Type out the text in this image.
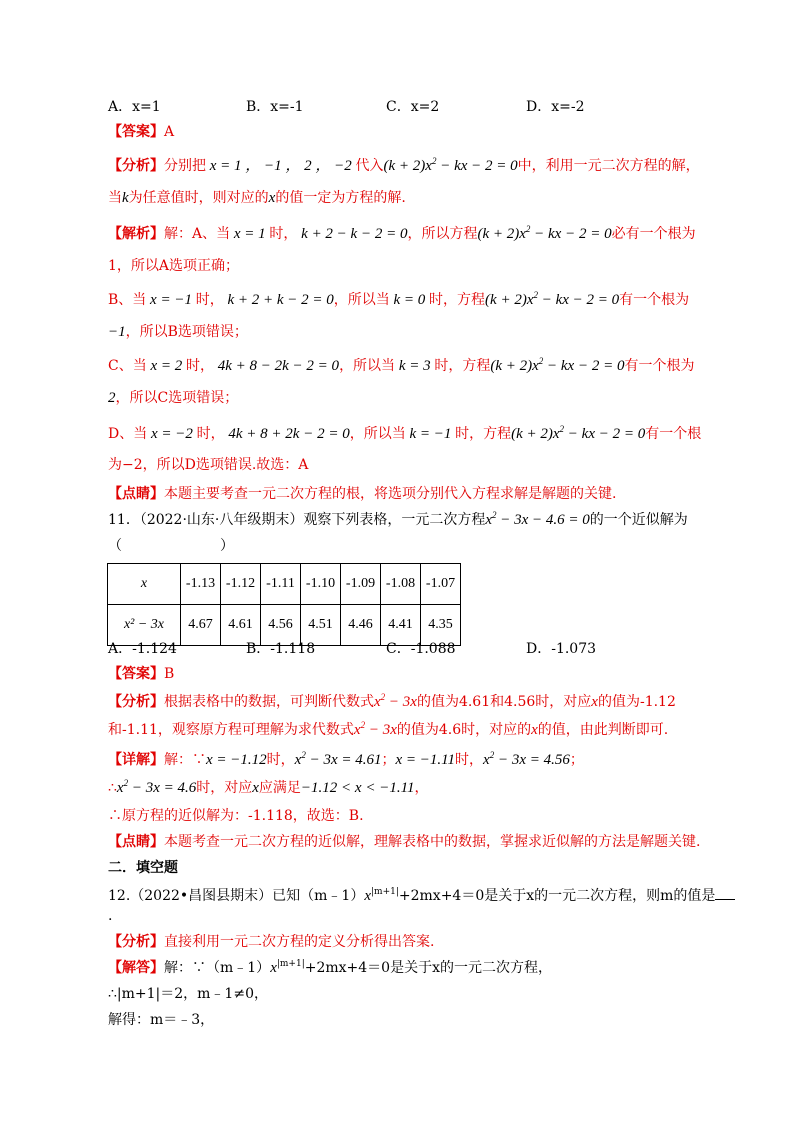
A．x=1	B．x=-1	C．x=2	D．x=-2
【答案】A
【分析】分别把 x = 1 ， −1 ， 2 ， −2 代入$(k + 2)x^2$ − kx − 2 = 0中，利用一元二次方程的解，
当k为任意值时，则对应的x的值一定为方程的解.
【解析】解：A、当 x = 1 时， k + 2 − k − 2 = 0，所以方程$(k + 2)x^2$ − kx − 2 = 0必有一个根为
1，所以A选项正确；
B、当 x = −1 时， k + 2 + k − 2 = 0，所以当 k = 0 时，方程$(k + 2)x^2$ − kx − 2 = 0有一个根为
−1，所以B选项错误；
C、当 x = 2 时， 4k + 8 − 2k − 2 = 0，所以当 k = 3 时，方程$(k + 2)x^2$ − kx − 2 = 0有一个根为
2，所以C选项错误；
D、当 x = −2 时， 4k + 8 + 2k − 2 = 0，所以当 k = −1 时，方程$(k + 2)x^2$ − kx − 2 = 0有一个根
为−2，所以D选项错误.故选：A
【点睛】本题主要考查一元二次方程的根，将选项分别代入方程求解是解题的关键.
11．（2022·山东·八年级期末）观察下列表格，一元二次方程$x^2 - 3x - 4.6 = 0$的一个近似解为
（　　　　　　　）
x	-1.13	-1.12	-1.11	-1.10	-1.09	-1.08	-1.07
x² − 3x	4.67	4.61	4.56	4.51	4.46	4.41	4.35
A．-1.124	B．-1.118	C．-1.088	D．-1.073
【答案】B
【分析】根据表格中的数据，可判断代数式$x^2 - 3x$的值为4.61和4.56时，对应x的值为-1.12
和-1.11，观察原方程可理解为求代数式$x^2 - 3x$的值为4.6时，对应的x的值，由此判断即可.
【详解】解：∵x = −1.12时，$x^2 - 3x = 4.61$；x = −1.11时，$x^2 - 3x = 4.56$；
$\therefore x^2 - 3x = 4.6$时，对应x应满足−1.12 < x < −1.11，
∴原方程的近似解为：-1.118，故选：B.
【点睛】本题考查一元二次方程的近似解，理解表格中的数据，掌握求近似解的方法是解题关键.
二．填空题
12.（2022•昌图县期末）已知$(m﹣1)x^{|m+1|}+2mx+4=0$是关于x的一元二次方程，则m的值是
.
【分析】直接利用一元二次方程的定义分析得出答案.
【解答】解：$\because(m﹣1)x^{|m+1|}+2mx+4=0$是关于x的一元二次方程，
∴|m+1|＝2，m﹣1≠0，
解得：m＝﹣3，
